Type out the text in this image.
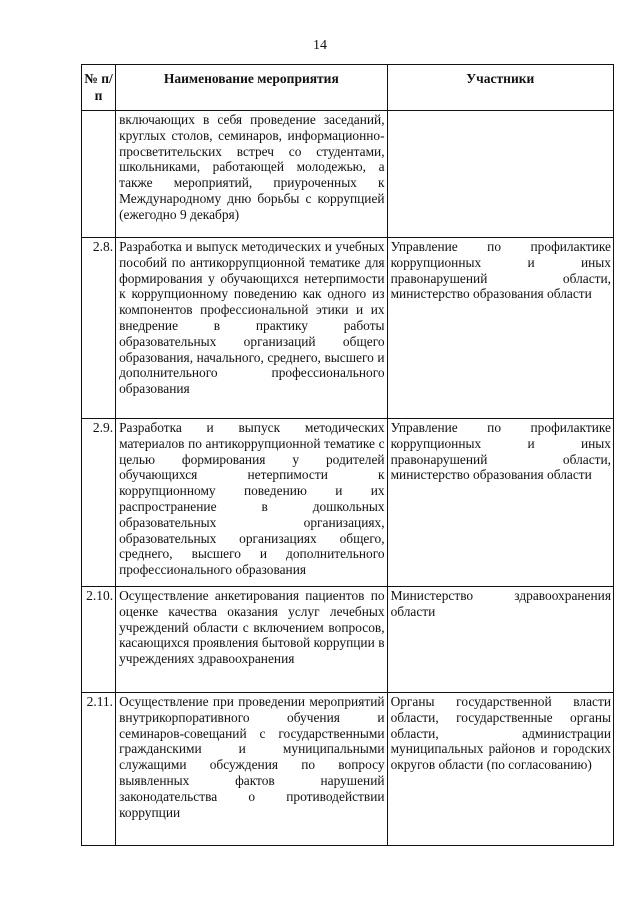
14
№ п/п	Наименование мероприятия	Участники

	включающих в себя проведение заседаний, круглых столов, семинаров, информационно-просветительских встреч со студентами, школьниками, работающей молодежью, а также мероприятий, приуроченных к Международному дню борьбы с коррупцией (ежегодно 9 декабря)	

2.8.	Разработка и выпуск методических и учебных пособий по антикоррупционной тематике для формирования у обучающихся нетерпимости к коррупционному поведению как одного из компонентов профессиональной этики и их внедрение в практику работы образовательных организаций общего образования, начального, среднего, высшего и дополнительного профессионального образования	Управление по профилактике коррупционных и иных правонарушений области, министерство образования области

2.9.	Разработка и выпуск методических материалов по антикоррупционной тематике с целью формирования у родителей обучающихся нетерпимости к коррупционному поведению и их распространение в дошкольных образовательных организациях, образовательных организациях общего, среднего, высшего и дополнительного профессионального образования	Управление по профилактике коррупционных и иных правонарушений области, министерство образования области

2.10.	Осуществление анкетирования пациентов по оценке качества оказания услуг лечебных учреждений области с включением вопросов, касающихся проявления бытовой коррупции в учреждениях здравоохранения	Министерство здравоохранения области

2.11.	Осуществление при проведении мероприятий внутрикорпоративного обучения и семинаров-совещаний с государственными гражданскими и муниципальными служащими обсуждения по вопросу выявленных фактов нарушений законодательства о противодействии коррупции	Органы государственной власти области, государственные органы области, администрации муниципальных районов и городских округов области (по согласованию)
